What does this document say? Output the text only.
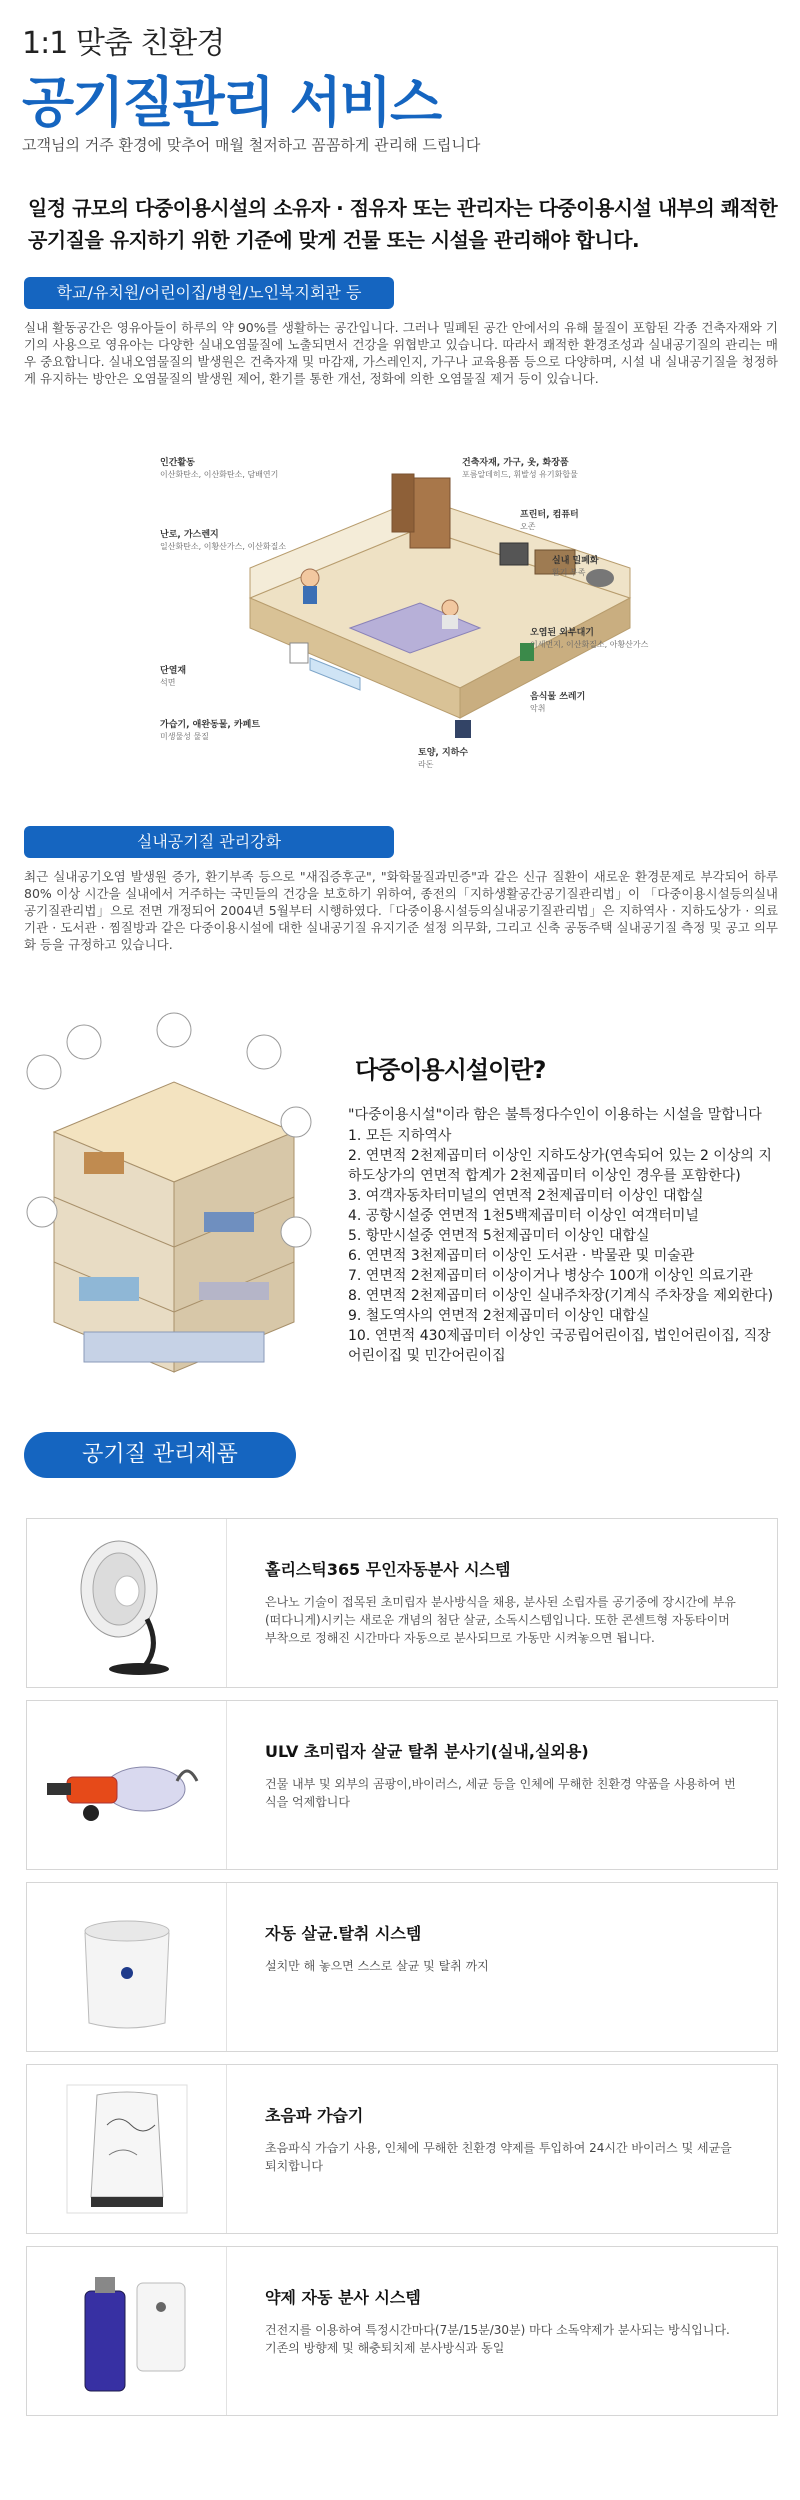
1:1 맞춤 친환경
공기질관리 서비스
고객님의 거주 환경에 맞추어 매월 철저하고 꼼꼼하게 관리해 드립니다
일정 규모의 다중이용시설의 소유자 · 점유자 또는 관리자는 다중이용시설 내부의 쾌적한 공기질을 유지하기 위한 기준에 맞게 건물 또는 시설을 관리해야 합니다.
학교/유치원/어린이집/병원/노인복지회관 등
실내 활동공간은 영유아들이 하루의 약 90%를 생활하는 공간입니다. 그러나 밀폐된 공간 안에서의 유해 물질이 포함된 각종 건축자재와 기기의 사용으로 영유아는 다양한 실내오염물질에 노출되면서 건강을 위협받고 있습니다. 따라서 쾌적한 환경조성과 실내공기질의 관리는 매우 중요합니다. 실내오염물질의 발생원은 건축자재 및 마감재, 가스레인지, 가구나 교육용품 등으로 다양하며, 시설 내 실내공기질을 청정하게 유지하는 방안은 오염물질의 발생원 제어, 환기를 통한 개선, 정화에 의한 오염물질 제거 등이 있습니다.
인간활동
이산화탄소, 이산화탄소, 담배연기
난로, 가스렌지
일산화탄소, 이황산가스, 이산화질소
단열재
석면
가습기, 애완동물, 카페트
미생물성 물질
건축자재, 가구, 옷, 화장품
포름알데히드, 휘발성 유기화합물
프린터, 컴퓨터
오존
실내 밀폐화
환기 부족
오염된 외부대기
이세먼지, 이산화질소, 아황산가스
음식물 쓰레기
악취
토양, 지하수
라돈
실내공기질 관리강화
최근 실내공기오염 발생원 증가, 환기부족 등으로 "새집증후군", "화학물질과민증"과 같은 신규 질환이 새로운 환경문제로 부각되어 하루 80% 이상 시간을 실내에서 거주하는 국민들의 건강을 보호하기 위하여, 종전의「지하생활공간공기질관리법」이 「다중이용시설등의실내공기질관리법」으로 전면 개정되어 2004년 5월부터 시행하였다.「다중이용시설등의실내공기질관리법」은 지하역사 · 지하도상가 · 의료기관 · 도서관 · 찜질방과 같은 다중이용시설에 대한 실내공기질 유지기준 설정 의무화, 그리고 신축 공동주택 실내공기질 측정 및 공고 의무화 등을 규정하고 있습니다.
다중이용시설이란?
"다중이용시설"이라 함은 불특정다수인이 이용하는 시설을 말합니다
1. 모든 지하역사
2. 연면적 2천제곱미터 이상인 지하도상가(연속되어 있는 2 이상의 지하도상가의 연면적 합계가 2천제곱미터 이상인 경우를 포함한다)
3. 여객자동차터미널의 연면적 2천제곱미터 이상인 대합실
4. 공항시설중 연면적 1천5백제곱미터 이상인 여객터미널
5. 항만시설중 연면적 5천제곱미터 이상인 대합실
6. 연면적 3천제곱미터 이상인 도서관 · 박물관 및 미술관
7. 연면적 2천제곱미터 이상이거나 병상수 100개 이상인 의료기관
8. 연면적 2천제곱미터 이상인 실내주차장(기계식 주차장을 제외한다)
9. 철도역사의 연면적 2천제곱미터 이상인 대합실
10. 연면적 430제곱미터 이상인 국공립어린이집, 법인어린이집, 직장어린이집 및 민간어린이집
공기질 관리제품
홀리스틱365 무인자동분사 시스템
은나노 기술이 접목된 초미립자 분사방식을 채용, 분사된 소립자를 공기중에 장시간에 부유(떠다니게)시키는 새로운 개념의 첨단 살균, 소독시스템입니다. 또한 콘센트형 자동타이머 부착으로 정해진 시간마다 자동으로 분사되므로 가동만 시켜놓으면 됩니다.
ULV 초미립자 살균 탈취 분사기(실내,실외용)
건물 내부 및 외부의 곰팡이,바이러스, 세균 등을 인체에 무해한 친환경 약품을 사용하여 번식을 억제합니다
자동 살균.탈취 시스템
설치만 해 놓으면 스스로 살균 및 탈취 까지
초음파 가습기
초음파식 가습기 사용, 인체에 무해한 친환경 약제를 투입하여 24시간 바이러스 및 세균을 퇴치합니다
약제 자동 분사 시스템
건전지를 이용하여 특정시간마다(7분/15분/30분) 마다 소독약제가 분사되는 방식입니다. 기존의 방향제 및 해충퇴치제 분사방식과 동일
